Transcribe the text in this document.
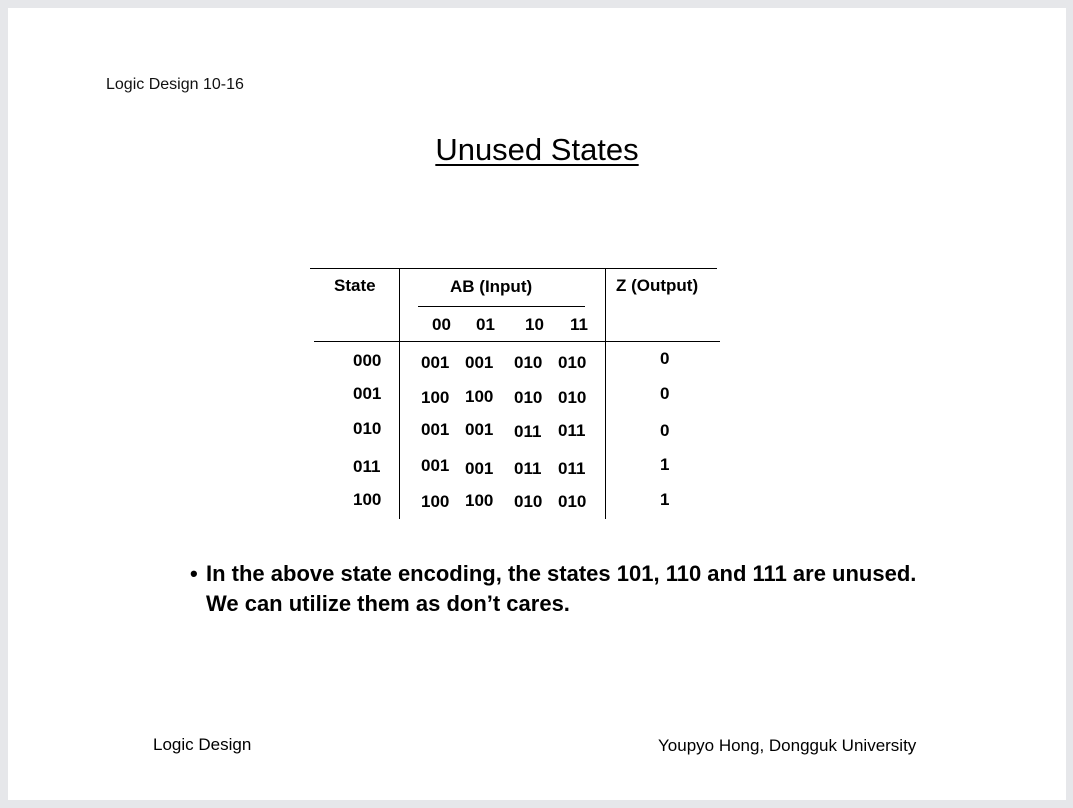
Logic Design 10-16
Unused States
State	AB (Input)	Z (Output)
00 01 10 11
000 001 001 010 010	0
001 100 100 010 010	0
010 001 001 011 011	0
011 001 001 011 011	1
100 100 100 010 010	1
• In the above state encoding, the states 101, 110 and 111 are unused. We can utilize them as don’t cares.
Logic Design	Youpyo Hong, Dongguk University
